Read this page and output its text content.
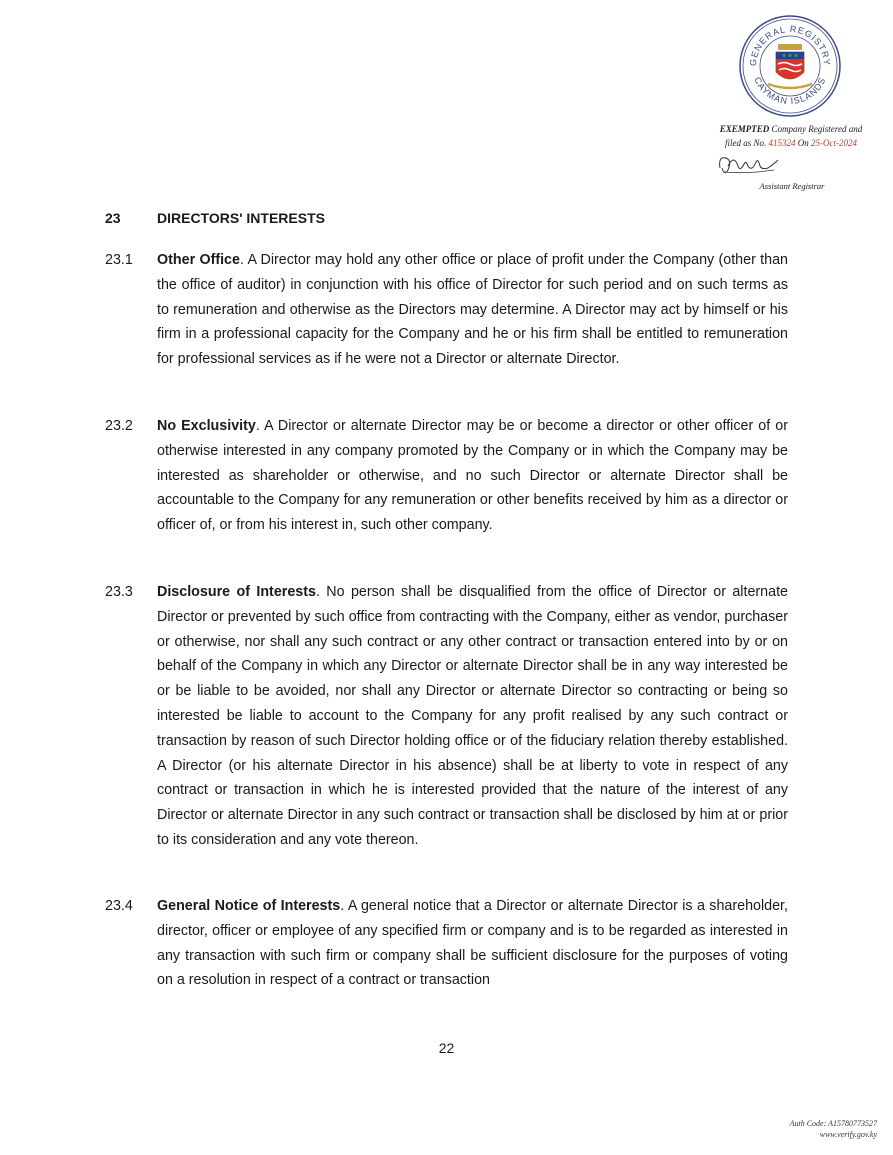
GENERAL REGISTRY
CAYMAN ISLANDS
EXEMPTED Company Registered and
filed as No. 415324 On 25-Oct-2024
Assistant Registrar
23	DIRECTORS' INTERESTS
23.1 Other Office. A Director may hold any other office or place of profit under the Company (other than the office of auditor) in conjunction with his office of Director for such period and on such terms as to remuneration and otherwise as the Directors may determine. A Director may act by himself or his firm in a professional capacity for the Company and he or his firm shall be entitled to remuneration for professional services as if he were not a Director or alternate Director.
23.2 No Exclusivity. A Director or alternate Director may be or become a director or other officer of or otherwise interested in any company promoted by the Company or in which the Company may be interested as shareholder or otherwise, and no such Director or alternate Director shall be accountable to the Company for any remuneration or other benefits received by him as a director or officer of, or from his interest in, such other company.
23.3 Disclosure of Interests. No person shall be disqualified from the office of Director or alternate Director or prevented by such office from contracting with the Company, either as vendor, purchaser or otherwise, nor shall any such contract or any other contract or transaction entered into by or on behalf of the Company in which any Director or alternate Director shall be in any way interested be or be liable to be avoided, nor shall any Director or alternate Director so contracting or being so interested be liable to account to the Company for any profit realised by any such contract or transaction by reason of such Director holding office or of the fiduciary relation thereby established. A Director (or his alternate Director in his absence) shall be at liberty to vote in respect of any contract or transaction in which he is interested provided that the nature of the interest of any Director or alternate Director in any such contract or transaction shall be disclosed by him at or prior to its consideration and any vote thereon.
23.4 General Notice of Interests. A general notice that a Director or alternate Director is a shareholder, director, officer or employee of any specified firm or company and is to be regarded as interested in any transaction with such firm or company shall be sufficient disclosure for the purposes of voting on a resolution in respect of a contract or transaction
22
Auth Code: A15780773527
www.verify.gov.ky
